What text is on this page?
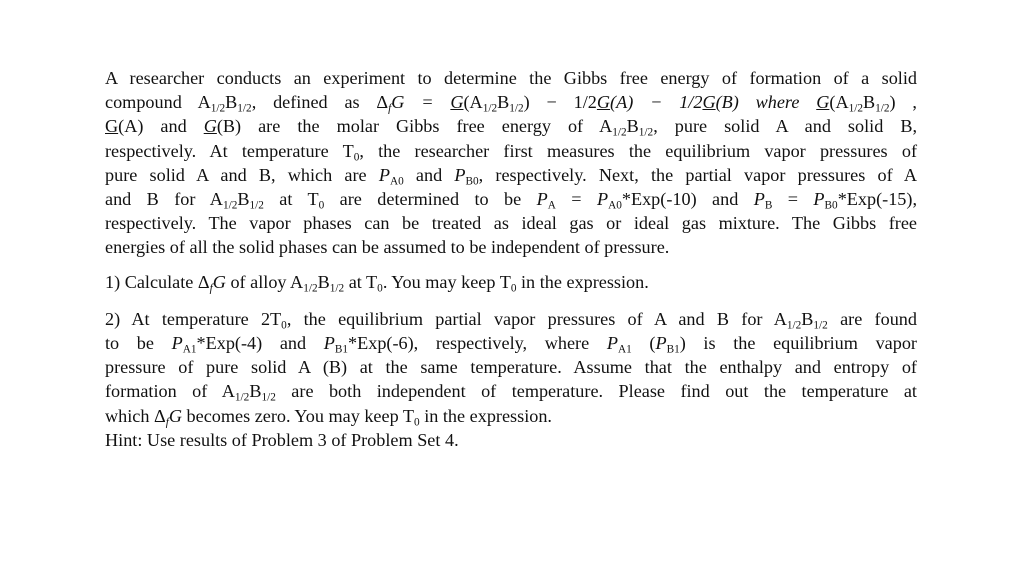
A researcher conducts an experiment to determine the Gibbs free energy of formation of a solid
compound $A_{1/2}B_{1/2}$, defined as $\Delta_fG = G(A_{1/2}B_{1/2}) - 1/2G(A) - 1/2G(B)$ where $G(A_{1/2}B_{1/2})$ ,
G(A) and G(B) are the molar Gibbs free energy of $A_{1/2}B_{1/2}$, pure solid A and solid B,
respectively. At temperature $T_0$, the researcher first measures the equilibrium vapor pressures of
pure solid A and B, which are $P_{A0}$ and $P_{B0}$, respectively. Next, the partial vapor pressures of A
and B for $A_{1/2}B_{1/2}$ at $T_0$ are determined to be $P_A = P_{A0}*Exp(-10)$ and $P_B = P_{B0}*Exp(-15)$,
respectively. The vapor phases can be treated as ideal gas or ideal gas mixture. The Gibbs free
energies of all the solid phases can be assumed to be independent of pressure.
1) Calculate $\Delta_fG$ of alloy $A_{1/2}B_{1/2}$ at $T_0$. You may keep $T_0$ in the expression.
2) At temperature $2T_0$, the equilibrium partial vapor pressures of A and B for $A_{1/2}B_{1/2}$ are found
to be $P_{A1}*Exp(-4)$ and $P_{B1}*Exp(-6)$, respectively, where $P_{A1}$ $(P_{B1})$ is the equilibrium vapor
pressure of pure solid A (B) at the same temperature. Assume that the enthalpy and entropy of
formation of $A_{1/2}B_{1/2}$ are both independent of temperature. Please find out the temperature at
which $\Delta_fG$ becomes zero. You may keep $T_0$ in the expression.
Hint: Use results of Problem 3 of Problem Set 4.
